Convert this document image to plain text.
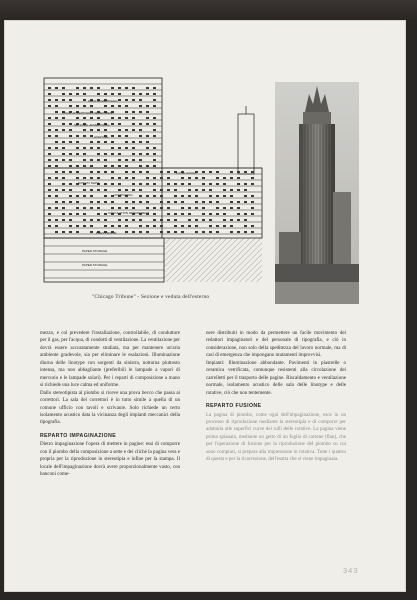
MANY ADVERTISING
LOCAL ADVERTISING DEPARTMENT
NATIONAL ADVERTISING
AUDITING
LOCAL ROOM
SUNDAY DEPT.
COMPOSING
CIRCULATION DEPARTMENT
PRESS ROOM
PAPER STORAGE
PAPER STORAGE
"Chicago Tribune" - Sezione e veduta dell'esterno

mezzo, e col prevedere l'installazione, controllabile, di condutture per il gas, per l'acqua, di condotti di ventilazione. La ventilazione per dovrà essere accuratamente studiata, ma per mantenere un'aria ambiente gradevole, sia per eliminare le esalazioni. Illuminazione diurna delle linotype con sorgenti da sinistra, notturna piuttosto intensa, ma non abbagliante (preferibili le lampade a vapori di mercurio e le lampade solari). Per i reparti di composizione a mano si richiede una luce calma ed uniforme.

Dallo stereotipista al piombo si riceve una prova becco che passa ai correttori. La sala dei correttori è in tutto simile a quella di un comune ufficio con tavoli e scrivanie. Solo richiede un certo isolamento acustico data la vicinanza degli impianti meccanici della tipografia.

REPARTO IMPAGINAZIONE

Dietro impaginazione l'opera di mettere in pagine: essi di comporre con il piombo della composizione a sette e dei cliché la pagina vera e propria per la riproduzione in stereotipia e infine per la stampa. Il locale dell'impaginazione dovrà avere proporzionalmente vasto, con banconi come-

nere distribuiti in modo da permettere un facile movimento dei redattori impaginatori e del personale di tipografia, e ciò in considerazione, non solo della speditezza del lavoro normale, ma di casi di emergenza che impongano mutamenti improvvisi.

Impianti: Illuminazione abbondante. Pavimenti in piastrelle o ceramica vetrificata, comunque resistenti alla circolazione dei carrelletti per il trasporto delle pagine. Riscaldamento e ventilazione normale, isolamento acustico delle sala delle linotype e delle rotative, ciò che non tentemente.

REPARTO FUSIONE

La pagina di piombo, come ogni dell'impaginazione, esce in un processo di riproduzione mediante la stereotipia e di comporre per adattarla alle superfici curve dei rulli delle rotative. La pagina viene prima spianata, mediante un getto di un foglio di cartone (flan), che per l'operazione di fusione per la riproduzione del piombo su cui sono compiuti, si prepara alla impressione in rotativa. Tutte i quattro di questa e per la ricorrezione, dell'esatta che si viene impaginata.

343
